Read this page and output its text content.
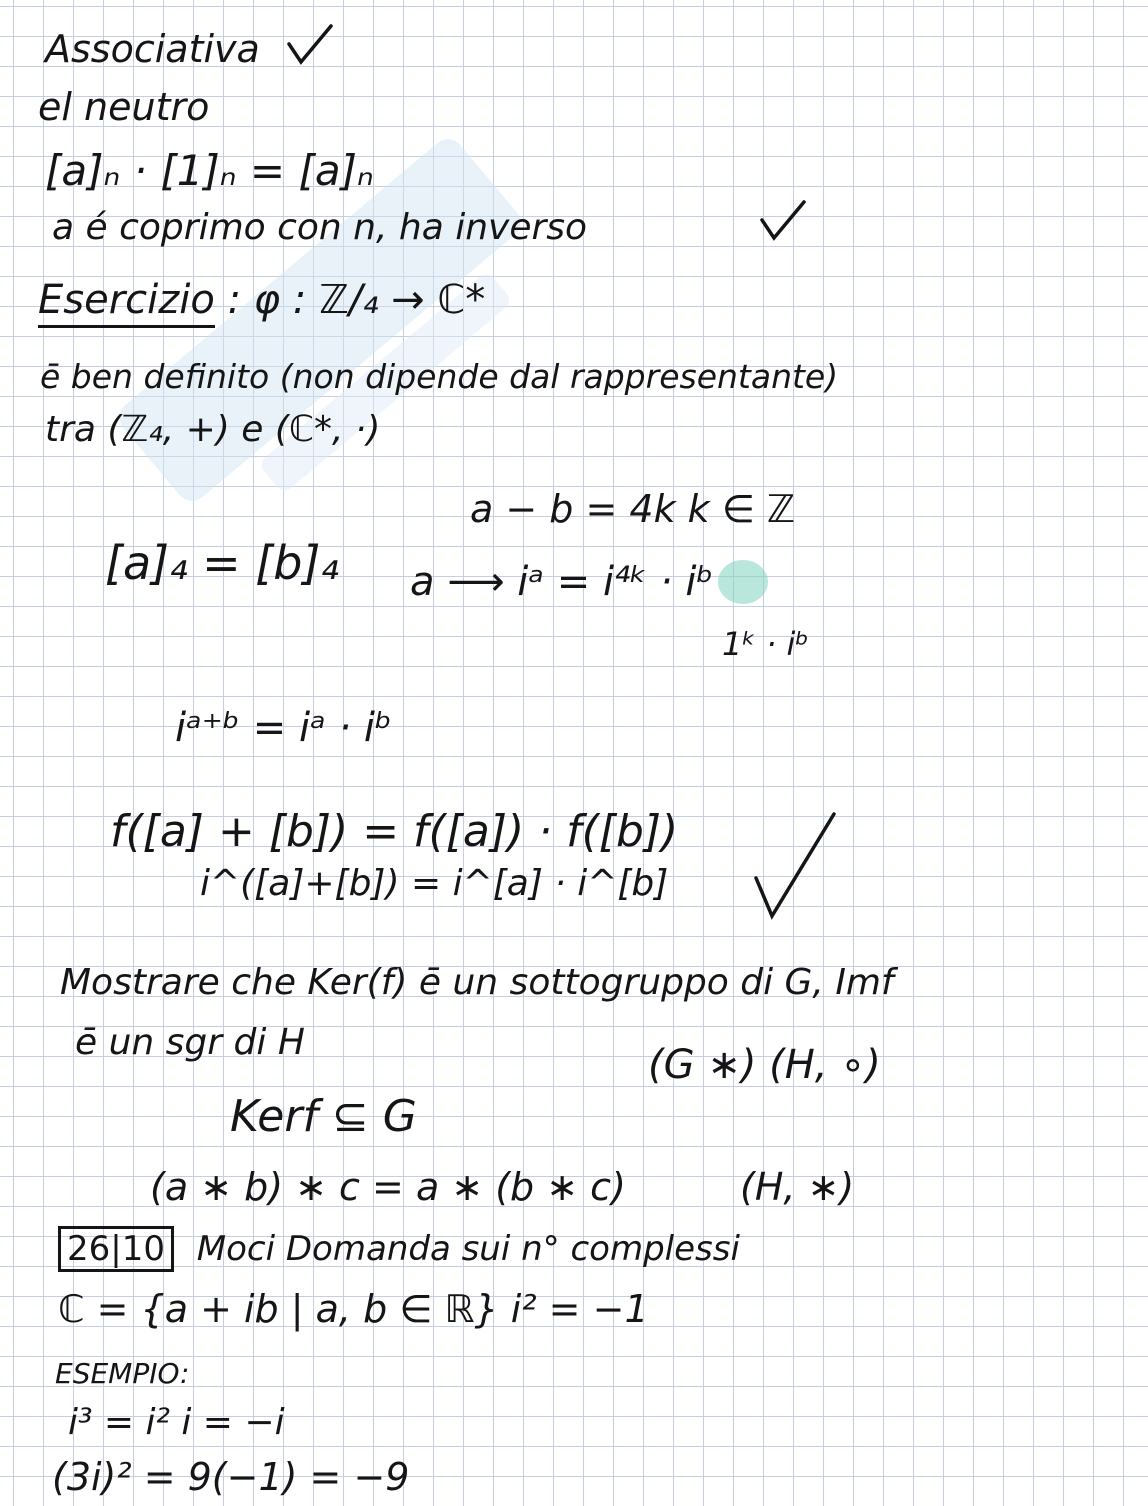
Associativa
el neutro
[a]ₙ · [1]ₙ = [a]ₙ
a é coprimo con n, ha inverso
Esercizio : φ : ℤ/₄ → ℂ*
ē ben definito (non dipende dal rappresentante)
tra (ℤ₄, +) e (ℂ*, ·)
a − b = 4k k ∈ ℤ
[a]₄ = [b]₄ a ⟶ iᵃ = i⁴ᵏ · iᵇ
1ᵏ · iᵇ
iᵃ⁺ᵇ = iᵃ · iᵇ
f([a] + [b]) = f([a]) · f([b])
i^([a]+[b]) = i^[a] · i^[b]
Mostrare che Ker(f) ē un sottogruppo di G, Imf
ē un sgr di H	(G ∗) (H, ∘)
Kerf ⊆ G
(a ∗ b) ∗ c = a ∗ (b ∗ c)	(H, ∗)
26|10 Moci Domanda sui n° complessi
ℂ = {a + ib | a, b ∈ ℝ} i² = −1
ESEMPIO:
i³ = i² i = −i
(3i)² = 9(−1) = −9
